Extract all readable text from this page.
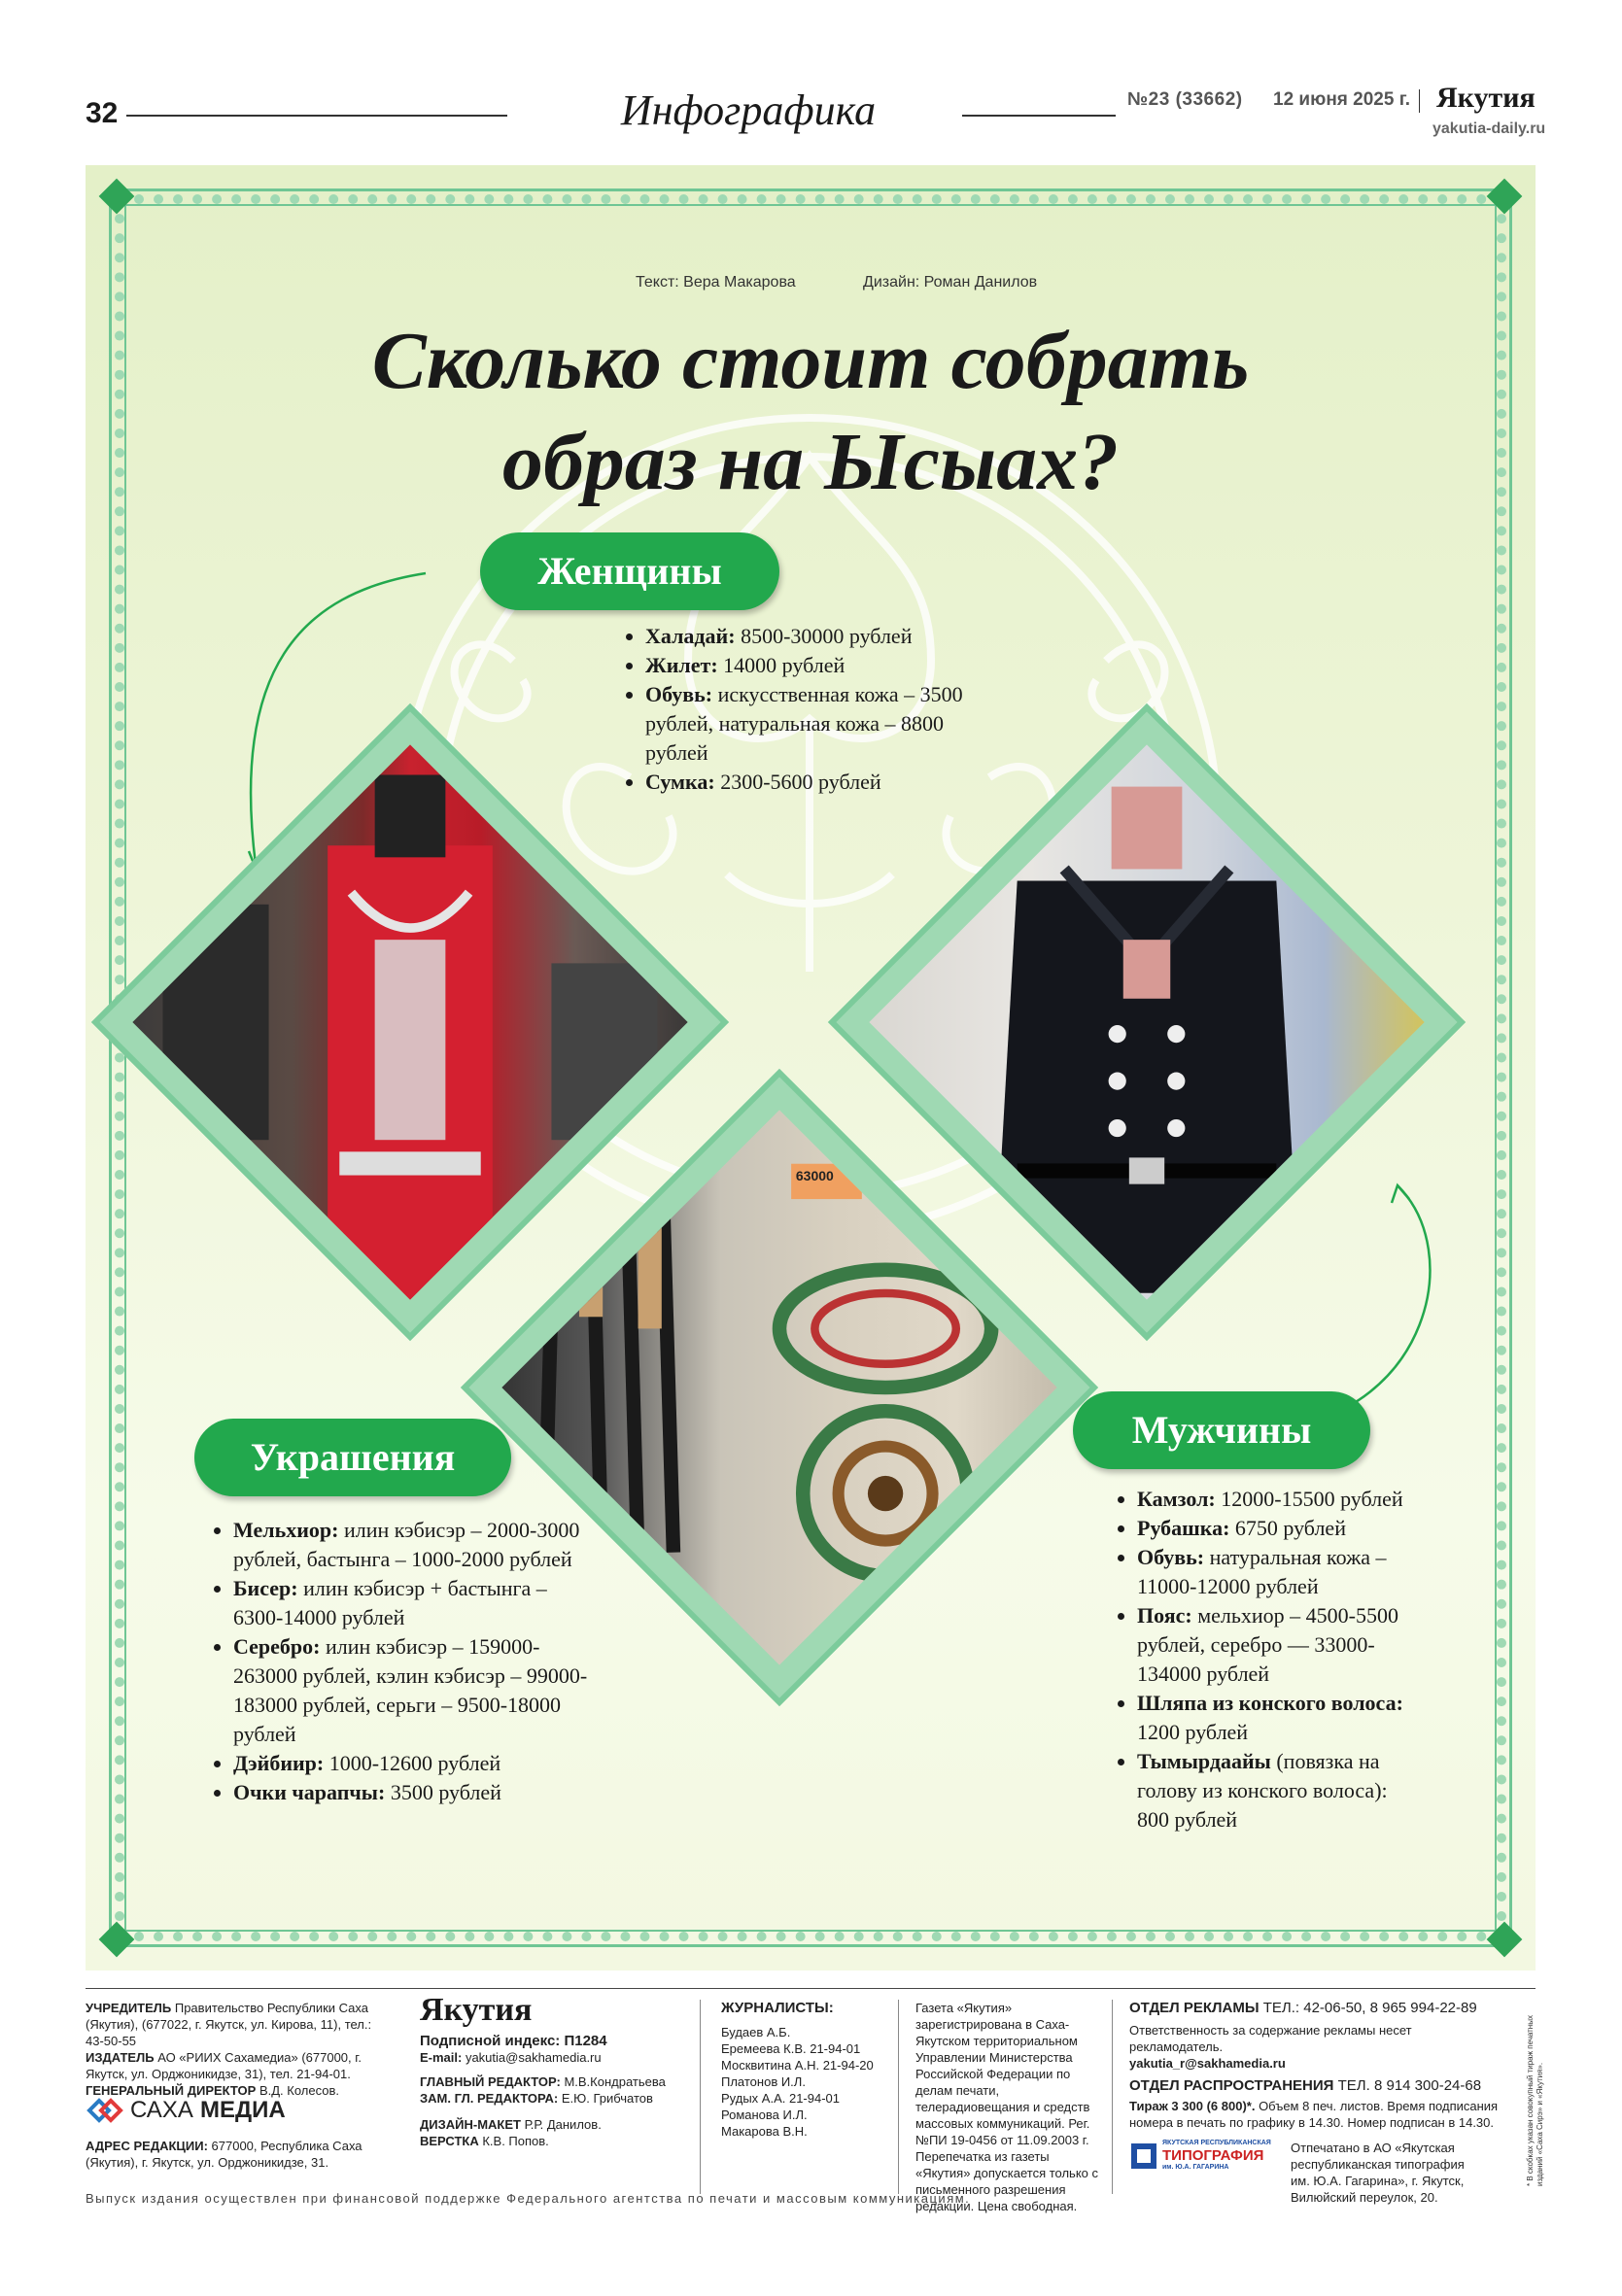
32	Инфографика	№23 (33662) 12 июня 2025 г. Якутия
yakutia-daily.ru
Текст: Вера Макарова	Дизайн: Роман Данилов
Сколько стоит собрать
образ на Ысыах?
Женщины
Халадай: 8500-30000 рублей
Жилет: 14000 рублей
Обувь: искусственная кожа – 3500 рублей, натуральная кожа – 8800 рублей
Сумка: 2300-5600 рублей
63000
Мужчины
Камзол: 12000-15500 рублей
Рубашка: 6750 рублей
Обувь: натуральная кожа – 11000-12000 рублей
Пояс: мельхиор – 4500-5500 рублей, серебро — 33000-134000 рублей
Шляпа из конского волоса: 1200 рублей
Тымырдаайы (повязка на голову из конского волоса): 800 рублей
Украшения
Мельхиор: илин кэбисэр – 2000-3000 рублей, бастынга – 1000-2000 рублей
Бисер: илин кэбисэр + бастынга – 6300-14000 рублей
Серебро: илин кэбисэр – 159000-263000 рублей, кэлин кэбисэр – 99000-183000 рублей, серьги – 9500-18000 рублей
Дэйбиир: 1000-12600 рублей
Очки чарапчы: 3500 рублей
УЧРЕДИТЕЛЬ Правительство Республики Саха (Якутия), (677022, г. Якутск, ул. Кирова, 11), тел.: 43-50-55
ИЗДАТЕЛЬ АО «РИИХ Сахамедиа» (677000, г. Якутск, ул. Орджоникидзе, 31), тел. 21-94-01.
ГЕНЕРАЛЬНЫЙ ДИРЕКТОР В.Д. Колесов.
САХА МЕДИА
АДРЕС РЕДАКЦИИ: 677000, Республика Саха (Якутия), г. Якутск, ул. Орджоникидзе, 31.
Якутия
Подписной индекс: П1284
E-mail: yakutia@sakhamedia.ru
ГЛАВНЫЙ РЕДАКТОР: М.В.Кондратьева
ЗАМ. ГЛ. РЕДАКТОРА: Е.Ю. Грибчатов
ДИЗАЙН-МАКЕТ Р.Р. Данилов.
ВЕРСТКА К.В. Попов.
ЖУРНАЛИСТЫ:
Будаев А.Б.
Еремеева К.В. 21-94-01
Москвитина А.Н. 21-94-20
Платонов И.Л.
Рудых А.А. 21-94-01
Романова И.Л.
Макарова В.Н.
Газета «Якутия» зарегистрирована в Саха-Якутском территориальном Управлении Министерства Российской Федерации по делам печати, телерадиовещания и средств массовых коммуникаций. Рег. №ПИ 19-0456 от 11.09.2003 г. Перепечатка из газеты «Якутия» допускается только с письменного разрешения редакции. Цена свободная.
ОТДЕЛ РЕКЛАМЫ ТЕЛ.: 42-06-50, 8 965 994-22-89
Ответственность за содержание рекламы несет рекламодатель.
yakutia_r@sakhamedia.ru
ОТДЕЛ РАСПРОСТРАНЕНИЯ ТЕЛ. 8 914 300-24-68
Тираж 3 300 (6 800)*. Объем 8 печ. листов. Время подписания номера в печать по графику в 14.30. Номер подписан в 14.30.
ЯКУТСКАЯ РЕСПУБЛИКАНСКАЯ
ТИПОГРАФИЯ
им. Ю.А. ГАГАРИНА
Отпечатано в АО «Якутская республиканская типография им. Ю.А. Гагарина», г. Якутск, Вилюйский переулок, 20.
* В скобках указан совокупный тираж печатных изданий «Саха Сирэ» и «Якутия».
Выпуск издания осуществлен при финансовой поддержке Федерального агентства по печати и массовым коммуникациям.
